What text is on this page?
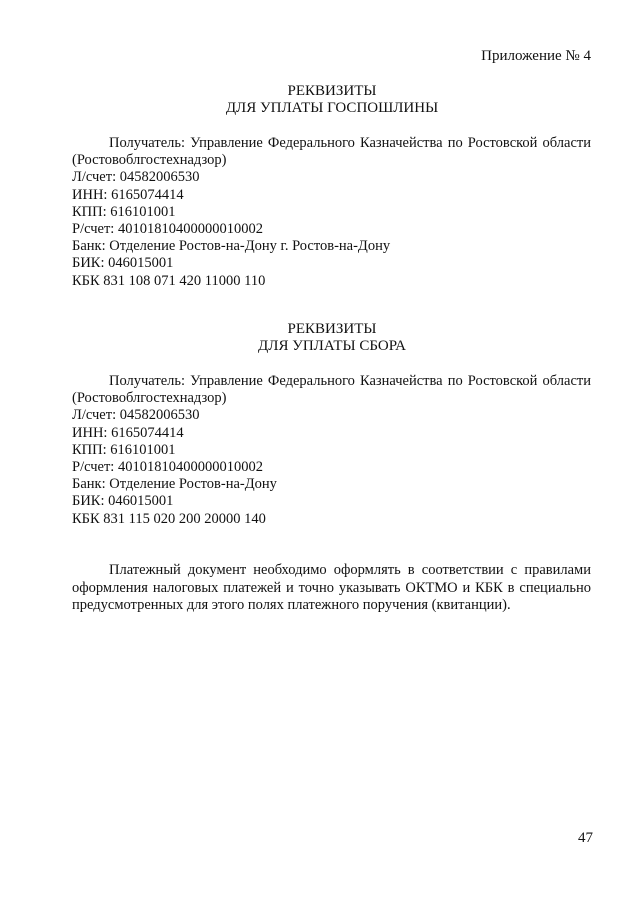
Приложение № 4
РЕКВИЗИТЫ
ДЛЯ УПЛАТЫ ГОСПОШЛИНЫ
Получатель: Управление Федерального Казначейства по Ростовской области (Ростовоблгостехнадзор)
Л/счет: 04582006530
ИНН: 6165074414
КПП: 616101001
Р/счет: 40101810400000010002
Банк: Отделение Ростов-на-Дону г. Ростов-на-Дону
БИК: 046015001
КБК 831 108 071 420 11000 110
РЕКВИЗИТЫ
ДЛЯ УПЛАТЫ СБОРА
Получатель: Управление Федерального Казначейства по Ростовской области (Ростовоблгостехнадзор)
Л/счет: 04582006530
ИНН: 6165074414
КПП: 616101001
Р/счет: 40101810400000010002
Банк: Отделение Ростов-на-Дону
БИК: 046015001
КБК 831 115 020 200 20000 140
Платежный документ необходимо оформлять в соответствии с правилами оформления налоговых платежей и точно указывать ОКТМО и КБК в специально предусмотренных для этого полях платежного поручения (квитанции).
47
